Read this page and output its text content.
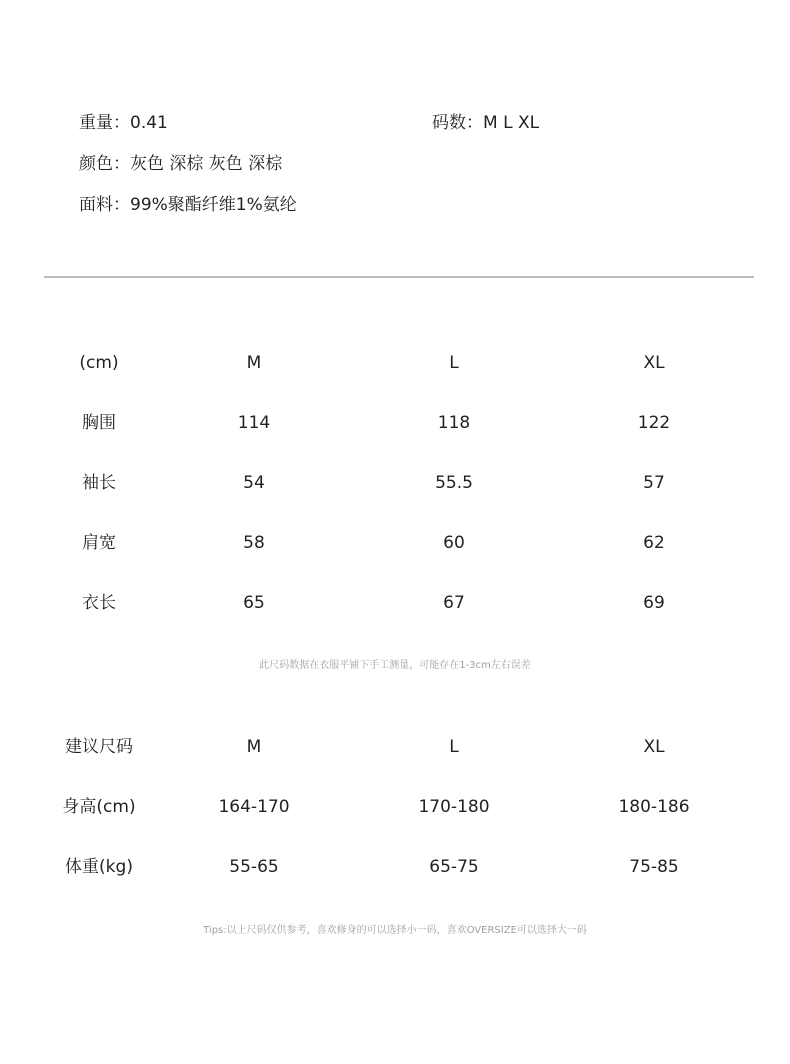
重量：0.41	码数：M L XL
颜色：灰色 深棕 灰色 深棕
面料：99%聚酯纤维1%氨纶
(cm)	M	L	XL
胸围	114	118	122
袖长	54	55.5	57
肩宽	58	60	62
衣长	65	67	69
此尺码数据在衣服平铺下手工测量，可能存在1-3cm左右误差
建议尺码	M	L	XL
身高(cm)	164-170	170-180	180-186
体重(kg)	55-65	65-75	75-85
Tips:以上尺码仅供参考，喜欢修身的可以选择小一码，喜欢OVERSIZE可以选择大一码
